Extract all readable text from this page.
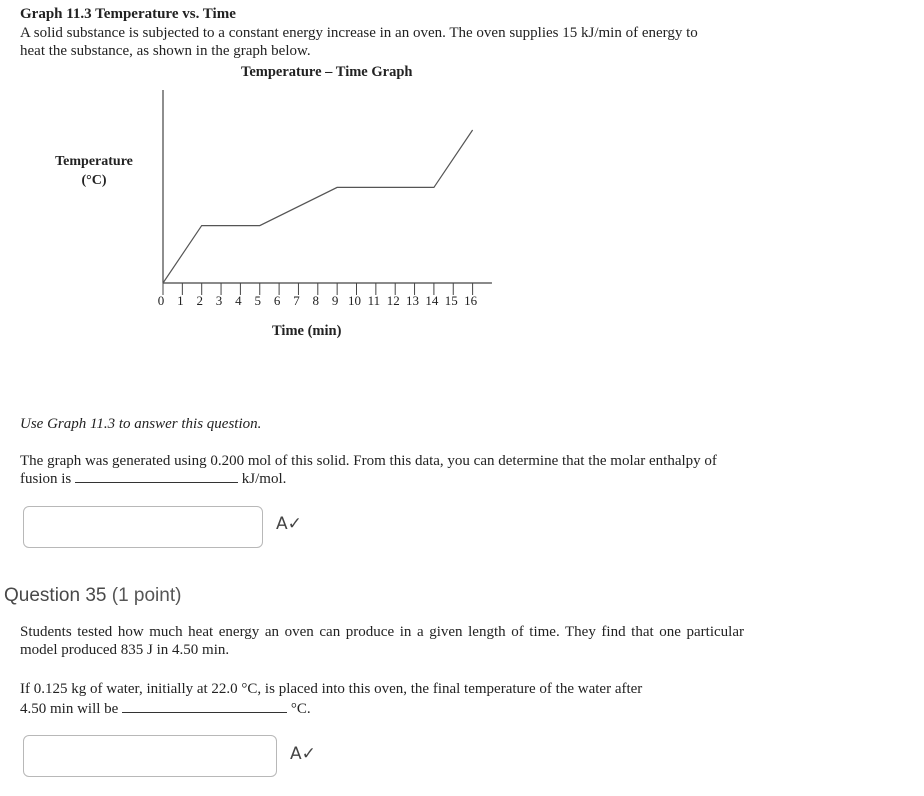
Graph 11.3 Temperature vs. Time
A solid substance is subjected to a constant energy increase in an oven. The oven supplies 15 kJ/min of energy to heat the substance, as shown in the graph below.
Temperature – Time Graph
Temperature
(°C)
0 1 2 3 4 5 6 7 8 9 10 11 12 13 14 15 16
Time (min)
Use Graph 11.3 to answer this question.
The graph was generated using 0.200 mol of this solid. From this data, you can determine that the molar enthalpy of fusion is	kJ/mol.
A✓
Question 35 (1 point)
Students tested how much heat energy an oven can produce in a given length of time. They find that one particular model produced 835 J in 4.50 min.
If 0.125 kg of water, initially at 22.0 °C, is placed into this oven, the final temperature of the water after 4.50 min will be	°C.
A✓
